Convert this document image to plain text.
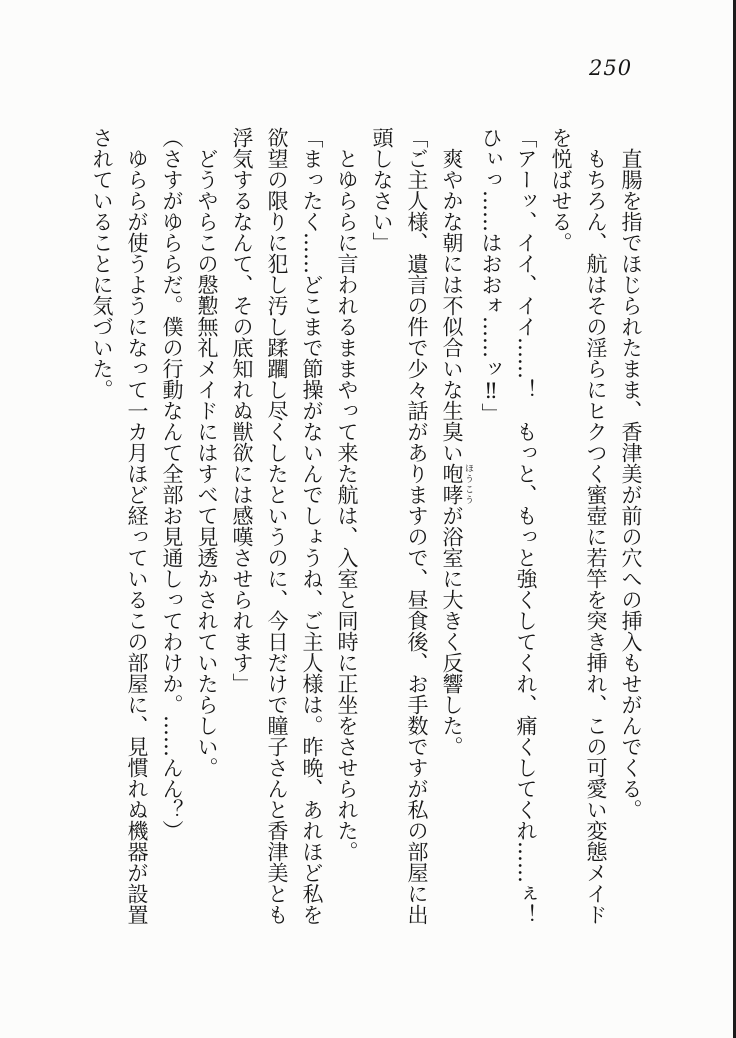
250

直腸を指でほじられたまま、香津美が前の穴への挿入もせがんでくる。

もちろん、航はその淫らにヒクつく蜜壺に若竿を突き挿れ、この可愛い変態メイドを悦ばせる。

「アーッ、イイ、イイ……！　もっと、もっと強くしてくれ、痛くしてくれ……ぇ！ひぃっ……はおおォ……ッ‼」

爽やかな朝には不似合いな生臭い咆哮 ほうこうが浴室に大きく反響した。

「ご主人様、遺言の件で少々話がありますので、昼食後、お手数ですが私の部屋に出頭しなさい」

とゆららに言われるままやって来た航は、入室と同時に正坐をさせられた。

「まったく……どこまで節操がないんでしょうね、ご主人様は。昨晩、あれほど私を欲望の限りに犯し汚し蹂躙し尽くしたというのに、今日だけで瞳子さんと香津美とも浮気するなんて、その底知れぬ獣欲には感嘆させられます」

どうやらこの慇懃無礼メイドにはすべて見透かされていたらしい。

（さすがゆららだ。僕の行動なんて全部お見通しってわけか。……んん？）

ゆららが使うようになって一カ月ほど経っているこの部屋に、見慣れぬ機器が設置されていることに気づいた。
